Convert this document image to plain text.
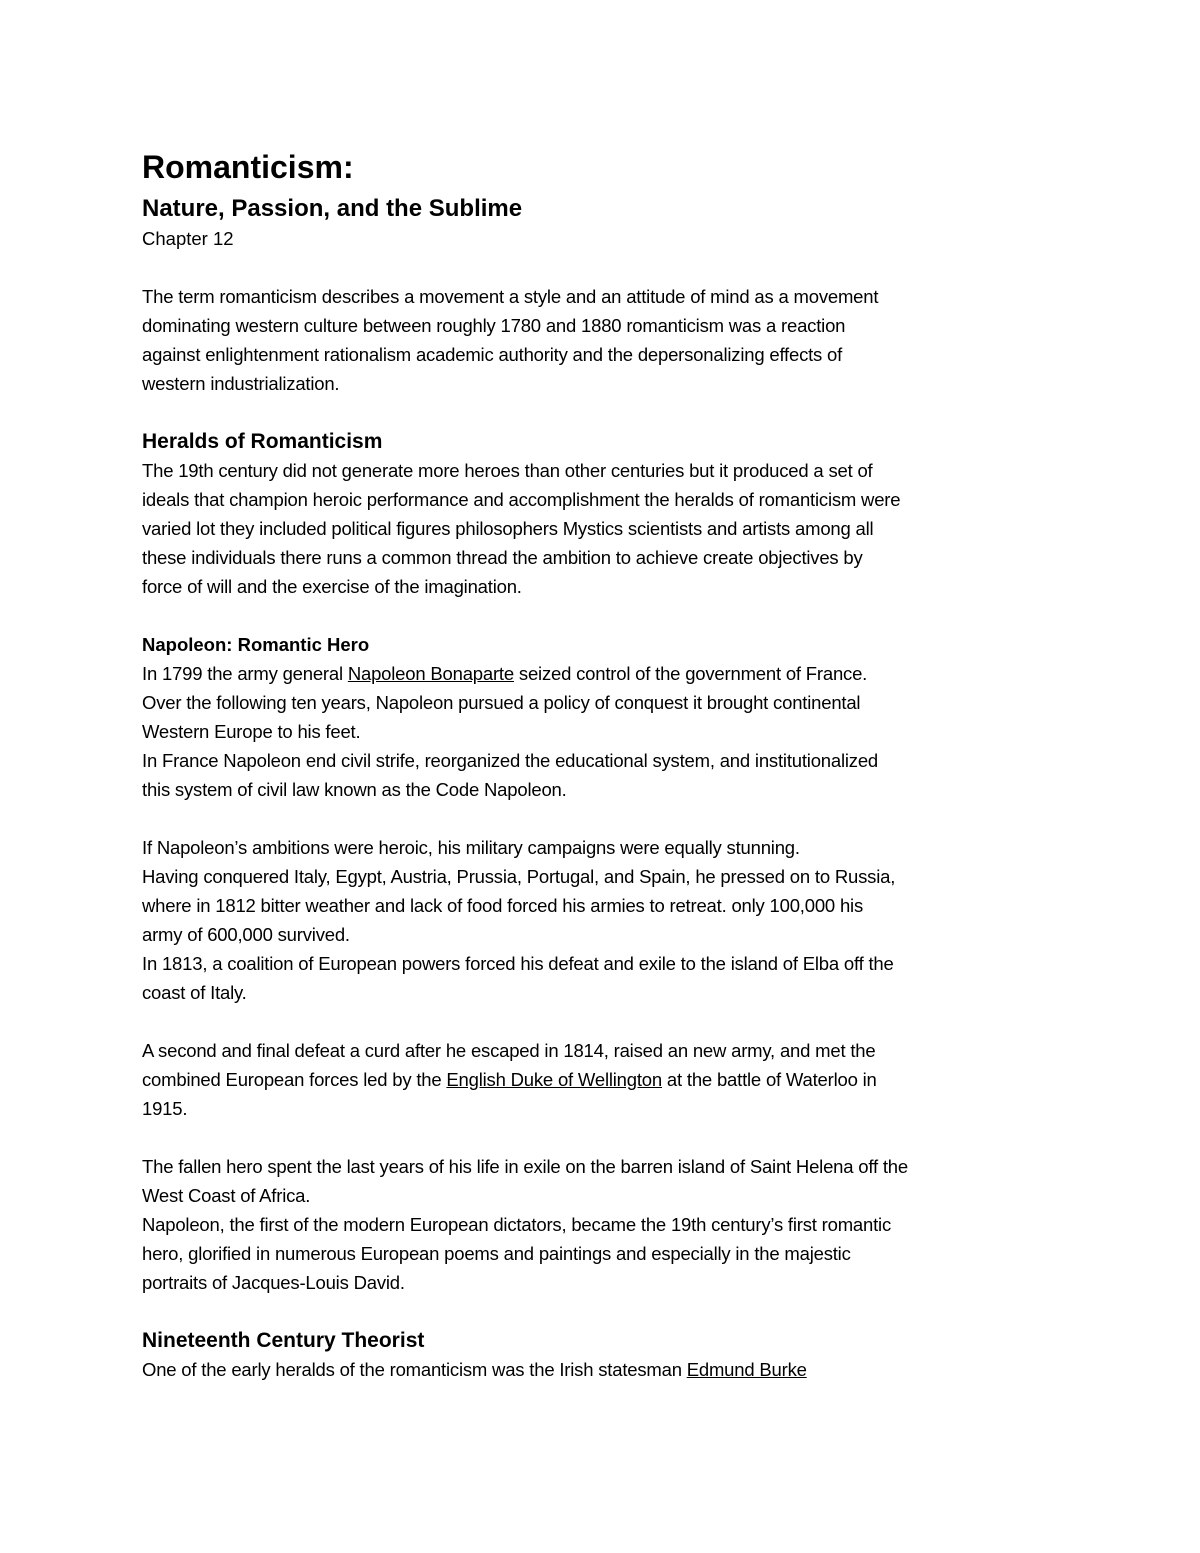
Romanticism:
Nature, Passion, and the Sublime

Chapter 12

The term romanticism describes a movement a style and an attitude of mind as a movement

dominating western culture between roughly 1780 and 1880 romanticism was a reaction

against enlightenment rationalism academic authority and the depersonalizing effects of

western industrialization.

Heralds of Romanticism

The 19th century did not generate more heroes than other centuries but it produced a set of

ideals that champion heroic performance and accomplishment the heralds of romanticism were

varied lot they included political figures philosophers Mystics scientists and artists among all

these individuals there runs a common thread the ambition to achieve create objectives by

force of will and the exercise of the imagination.

Napoleon: Romantic Hero

In 1799 the army general Napoleon Bonaparte seized control of the government of France.

Over the following ten years, Napoleon pursued a policy of conquest it brought continental

Western Europe to his feet.

In France Napoleon end civil strife, reorganized the educational system, and institutionalized

this system of civil law known as the Code Napoleon.

If Napoleon’s ambitions were heroic, his military campaigns were equally stunning.

Having conquered Italy, Egypt, Austria, Prussia, Portugal, and Spain, he pressed on to Russia,

where in 1812 bitter weather and lack of food forced his armies to retreat. only 100,000 his

army of 600,000 survived.

In 1813, a coalition of European powers forced his defeat and exile to the island of Elba off the

coast of Italy.

A second and final defeat a curd after he escaped in 1814, raised an new army, and met the

combined European forces led by the English Duke of Wellington at the battle of Waterloo in

1915.

The fallen hero spent the last years of his life in exile on the barren island of Saint Helena off the

West Coast of Africa.

Napoleon, the first of the modern European dictators, became the 19th century’s first romantic

hero, glorified in numerous European poems and paintings and especially in the majestic

portraits of Jacques-Louis David.

Nineteenth Century Theorist

One of the early heralds of the romanticism was the Irish statesman Edmund Burke
